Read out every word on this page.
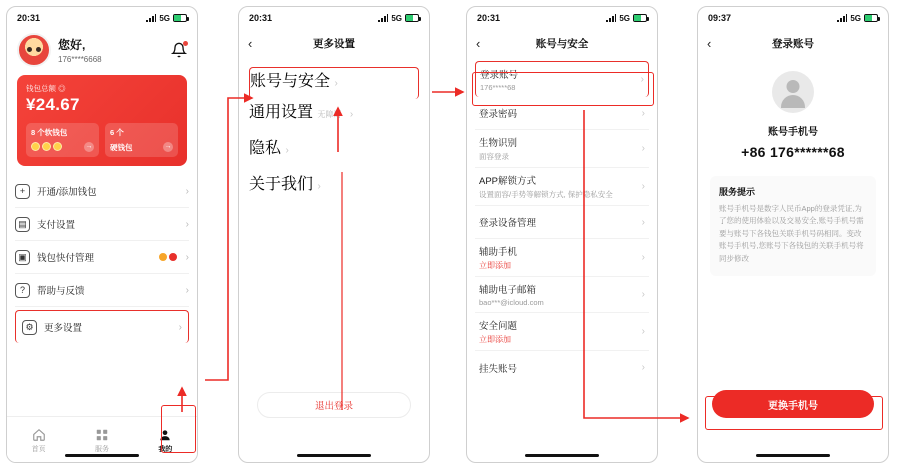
20:31	5G
您好,
176****6668
钱包总额 ◎
¥24.67
8 个软钱包
→
6 个
硬钱包	→
+	开通/添加钱包	›
▤	支付设置	›
▣	钱包快付管理	›
?	帮助与反馈	›
⚙	更多设置	›
首页	服务	我的
20:31	5G
‹	更多设置
账号与安全 ›
通用设置 无障碍 ›
隐私 ›
关于我们 ›
退出登录
20:31	5G
‹	账号与安全
登录账号
176*****68
›
登录密码	›
生物识别
面容登录
›
APP解锁方式
设置面容/手势等解锁方式, 保护隐私安全
›
登录设备管理	›
辅助手机
立即添加
›
辅助电子邮箱
bao***@icloud.com
›
安全问题
立即添加
›
挂失账号	›
09:37	5G
‹	登录账号
账号手机号
+86 176******68
服务提示
账号手机号是数字人民币App的登录凭证,为了您的使用体验以及交易安全,账号手机号需要与账号下各钱包关联手机号码相同。变改账号手机号,您账号下各钱包的关联手机号将同步修改
更换手机号
